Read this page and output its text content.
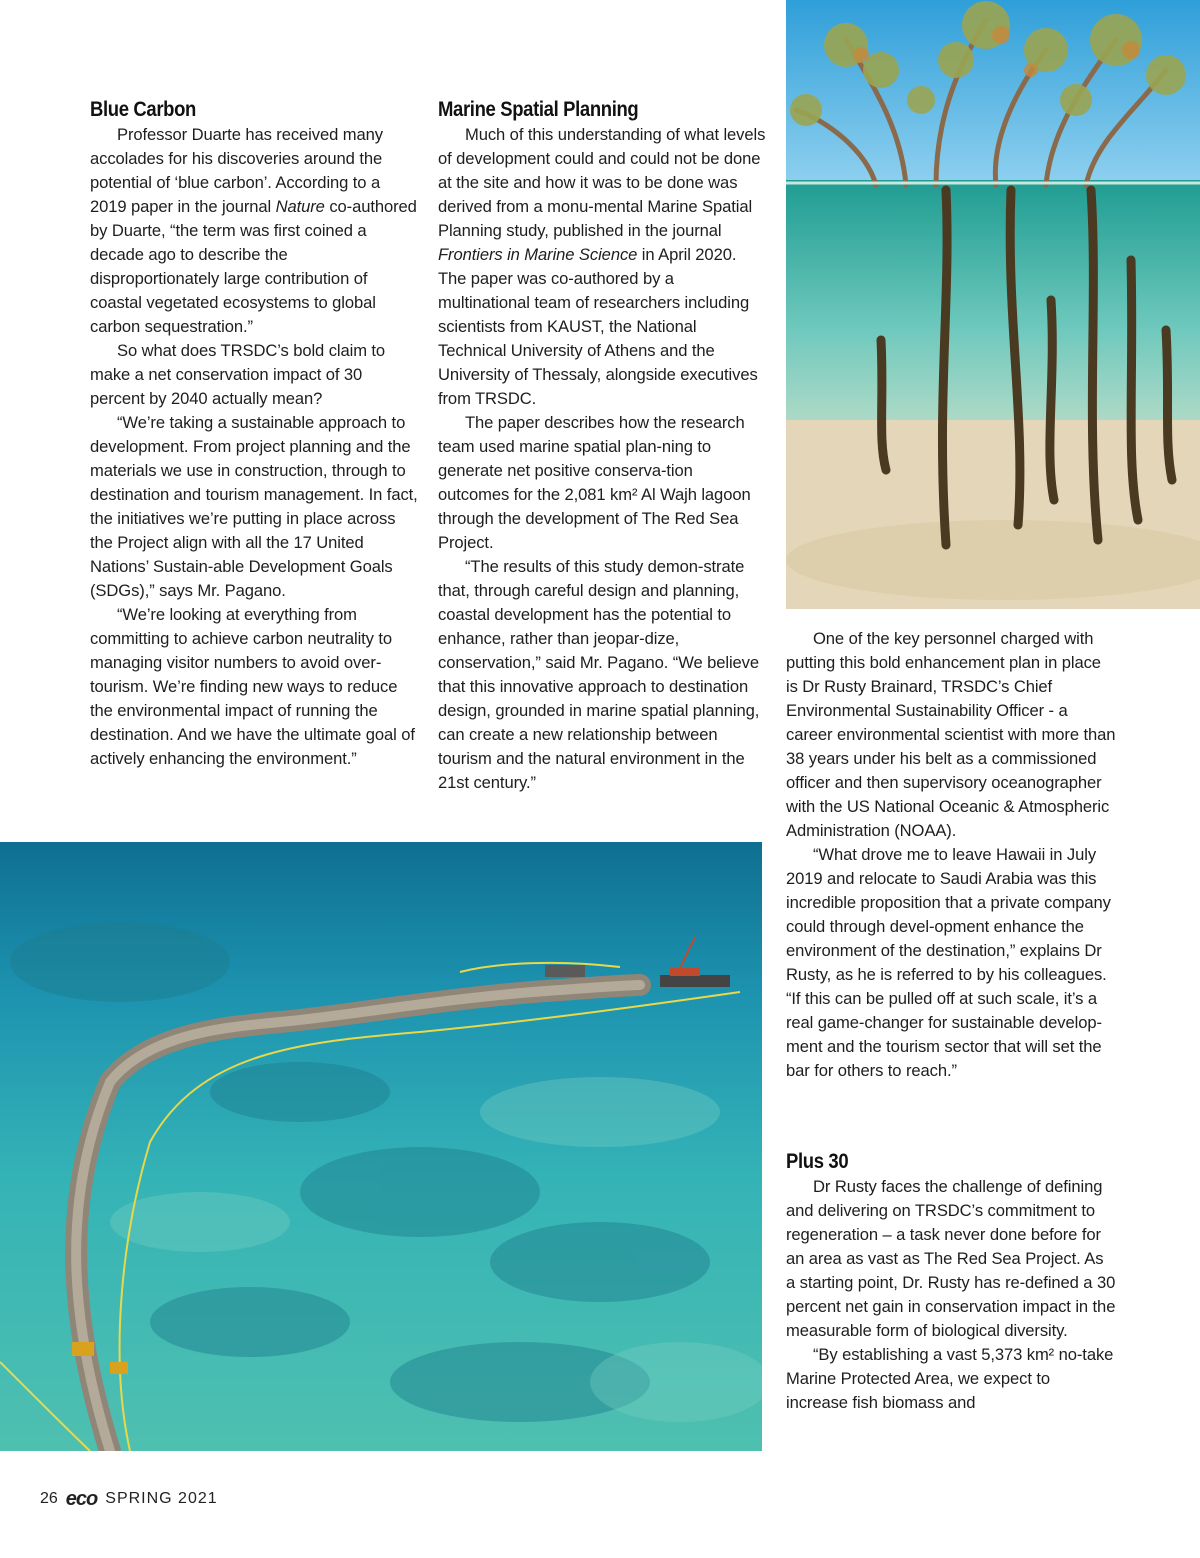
Blue Carbon

Professor Duarte has received many accolades for his discoveries around the potential of ‘blue carbon’. According to a 2019 paper in the journal Nature co-authored by Duarte, “the term was first coined a decade ago to describe the disproportionately large contribution of coastal vegetated ecosystems to global carbon sequestration.”

So what does TRSDC’s bold claim to make a net conservation impact of 30 percent by 2040 actually mean?

“We’re taking a sustainable approach to development. From project planning and the materials we use in construction, through to destination and tourism management. In fact, the initiatives we’re putting in place across the Project align with all the 17 United Nations’ Sustain-able Development Goals (SDGs),” says Mr. Pagano.

“We’re looking at everything from committing to achieve carbon neutrality to managing visitor numbers to avoid over-tourism. We’re finding new ways to reduce the environmental impact of running the destination. And we have the ultimate goal of actively enhancing the environment.”

Marine Spatial Planning

Much of this understanding of what levels of development could and could not be done at the site and how it was to be done was derived from a monu-mental Marine Spatial Planning study, published in the journal Frontiers in Marine Science in April 2020. The paper was co-authored by a multinational team of researchers including scientists from KAUST, the National Technical University of Athens and the University of Thessaly, alongside executives from TRSDC.

The paper describes how the research team used marine spatial plan-ning to generate net positive conserva-tion outcomes for the 2,081 km² Al Wajh lagoon through the development of The Red Sea Project.

“The results of this study demon-strate that, through careful design and planning, coastal development has the potential to enhance, rather than jeopar-dize, conservation,” said Mr. Pagano. “We believe that this innovative approach to destination design, grounded in marine spatial planning, can create a new relationship between tourism and the natural environment in the 21st century.”

One of the key personnel charged with putting this bold enhancement plan in place is Dr Rusty Brainard, TRSDC’s Chief Environmental Sustainability Officer - a career environmental scientist with more than 38 years under his belt as a commissioned officer and then supervisory oceanographer with the US National Oceanic & Atmospheric Administration (NOAA).

“What drove me to leave Hawaii in July 2019 and relocate to Saudi Arabia was this incredible proposition that a private company could through devel-opment enhance the environment of the destination,” explains Dr Rusty, as he is referred to by his colleagues. “If this can be pulled off at such scale, it’s a real game-changer for sustainable develop-ment and the tourism sector that will set the bar for others to reach.”

Plus 30

Dr Rusty faces the challenge of defining and delivering on TRSDC’s commitment to regeneration – a task never done before for an area as vast as The Red Sea Project. As a starting point, Dr. Rusty has re-defined a 30 percent net gain in conservation impact in the measurable form of biological diversity.

“By establishing a vast 5,373 km² no-take Marine Protected Area, we expect to increase fish biomass and

26 eco SPRING 2021
